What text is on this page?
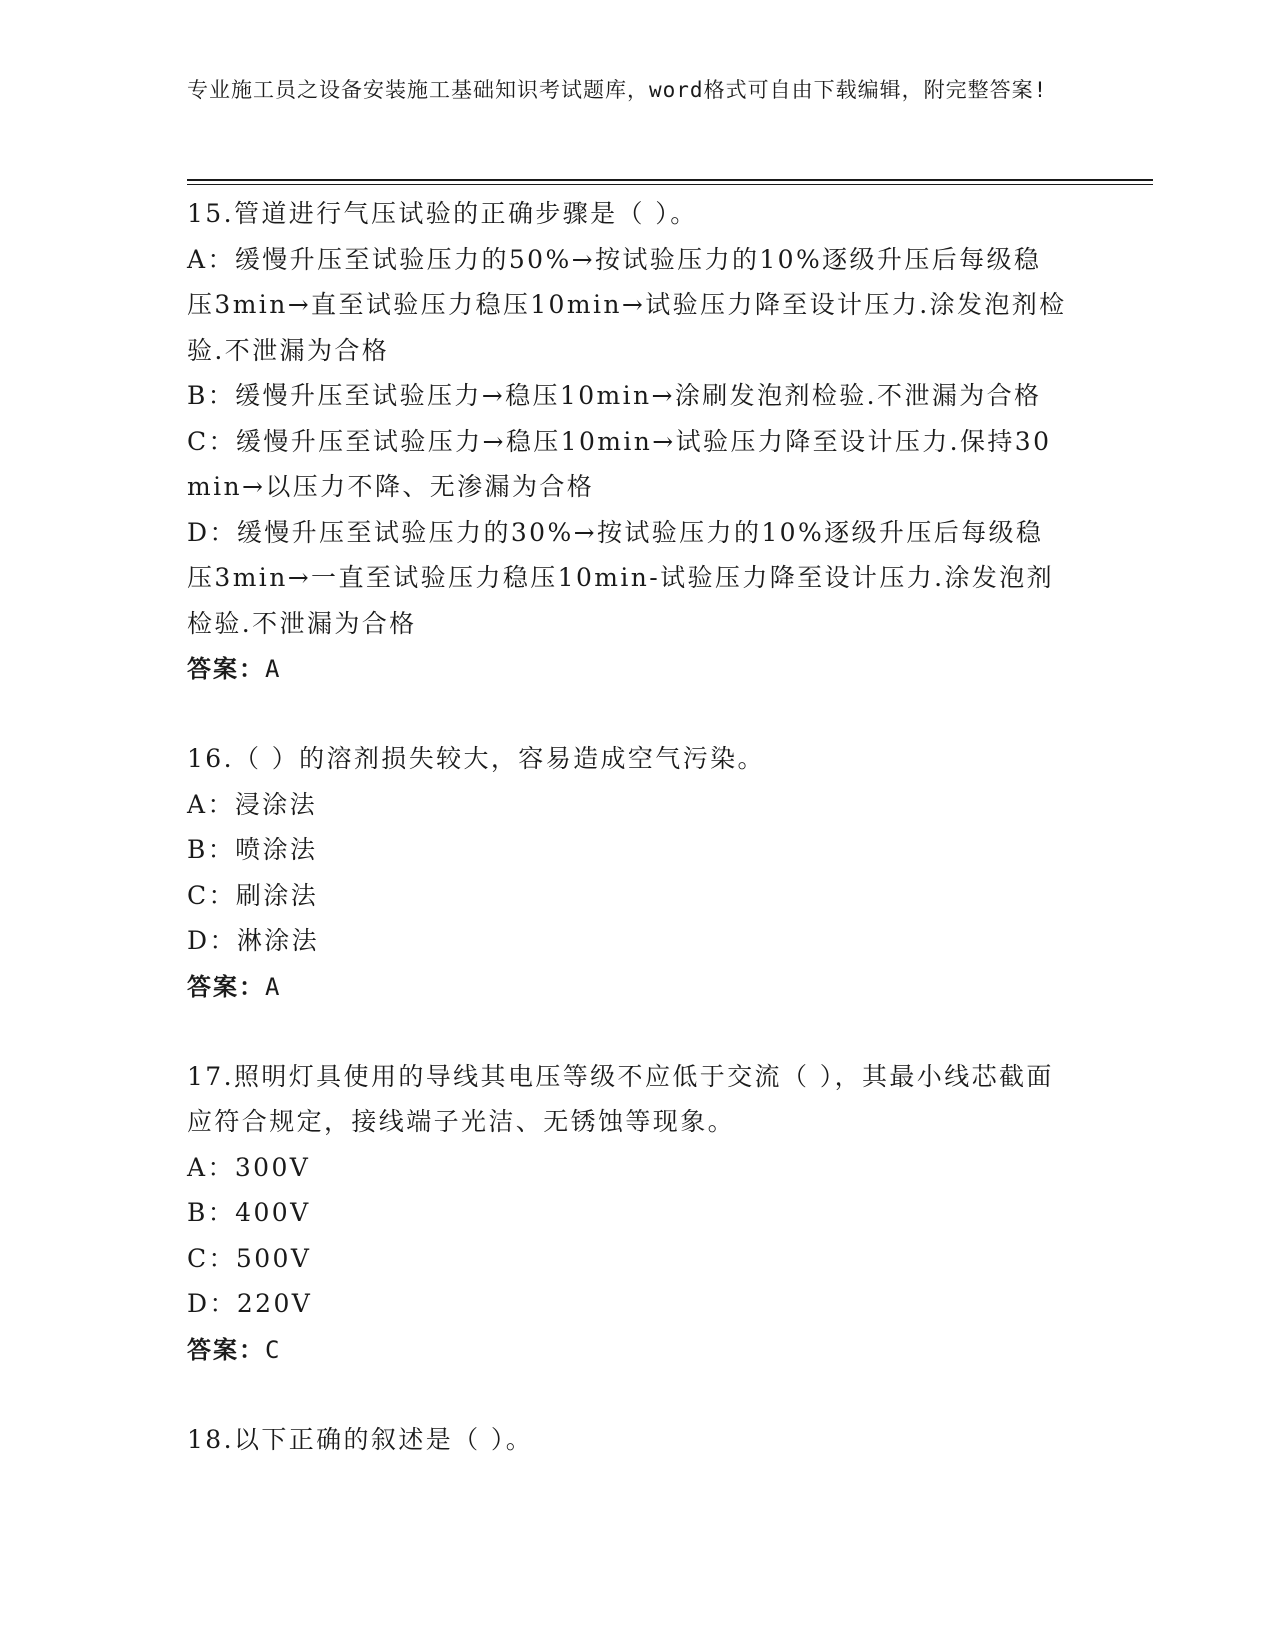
专业施工员之设备安装施工基础知识考试题库，word格式可自由下载编辑，附完整答案!
15.管道进行气压试验的正确步骤是（ ）。
A：缓慢升压至试验压力的50%→按试验压力的10%逐级升压后每级稳压3min→直至试验压力稳压10min→试验压力降至设计压力.涂发泡剂检验.不泄漏为合格
B：缓慢升压至试验压力→稳压10min→涂刷发泡剂检验.不泄漏为合格
C：缓慢升压至试验压力→稳压10min→试验压力降至设计压力.保持30min→以压力不降、无渗漏为合格
D：缓慢升压至试验压力的30%→按试验压力的10%逐级升压后每级稳压3min→一直至试验压力稳压10min-试验压力降至设计压力.涂发泡剂检验.不泄漏为合格
答案：A
16.（ ）的溶剂损失较大，容易造成空气污染。
A：浸涂法
B：喷涂法
C：刷涂法
D：淋涂法
答案：A
17.照明灯具使用的导线其电压等级不应低于交流（ ），其最小线芯截面应符合规定，接线端子光洁、无锈蚀等现象。
A：300V
B：400V
C：500V
D：220V
答案：C
18.以下正确的叙述是（ ）。
